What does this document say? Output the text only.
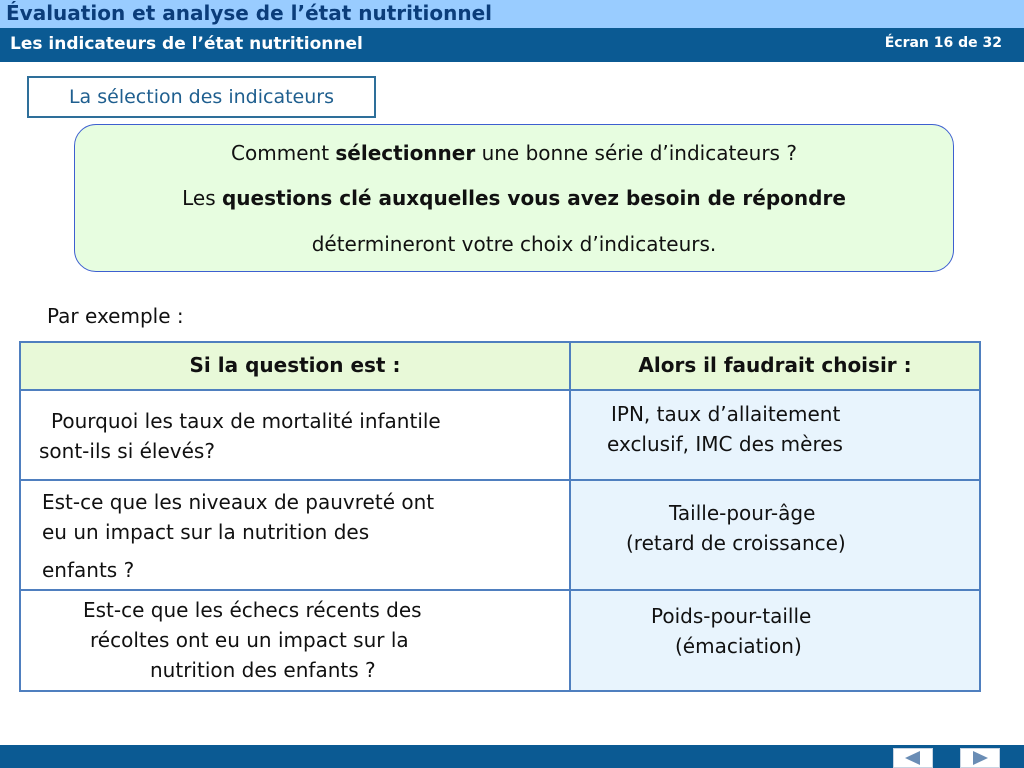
Évaluation et analyse de l’état nutritionnel
Les indicateurs de l’état nutritionnel	Écran 16 de 32
La sélection des indicateurs
Comment sélectionner une bonne série d’indicateurs ?
Les questions clé auxquelles vous avez besoin de répondre
détermineront votre choix d’indicateurs.
Par exemple :
Si la question est :	Alors il faudrait choisir :
Pourquoi les taux de mortalité infantile
sont-ils si élevés?
IPN, taux d’allaitement
exclusif, IMC des mères
Est-ce que les niveaux de pauvreté ont
eu un impact sur la nutrition des
enfants ?
Taille-pour-âge
(retard de croissance)
Est-ce que les échecs récents des
récoltes ont eu un impact sur la
nutrition des enfants ?
Poids-pour-taille
(émaciation)
